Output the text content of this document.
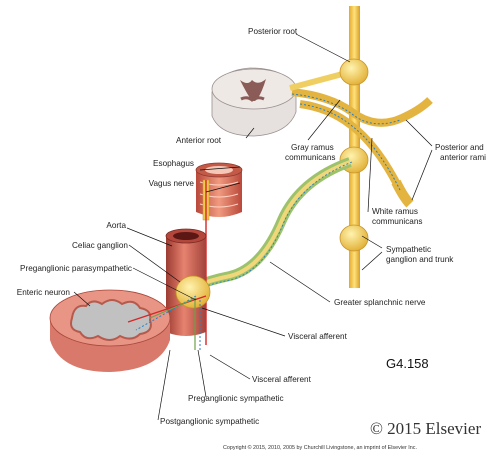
Posterior root
Anterior root
Gray ramus
communicans
Posterior and
anterior rami
Esophagus
Vagus nerve
White ramus
communicans
Aorta
Sympathetic
ganglion and trunk
Celiac ganglion
Preganglionic parasympathetic
Greater splanchnic nerve
Enteric neuron
Visceral afferent
Visceral afferent
Preganglionic sympathetic
Postganglionic sympathetic
G4.158
© 2015 Elsevier
Copyright © 2015, 2010, 2005 by Churchill Livingstone, an imprint of Elsevier Inc.
